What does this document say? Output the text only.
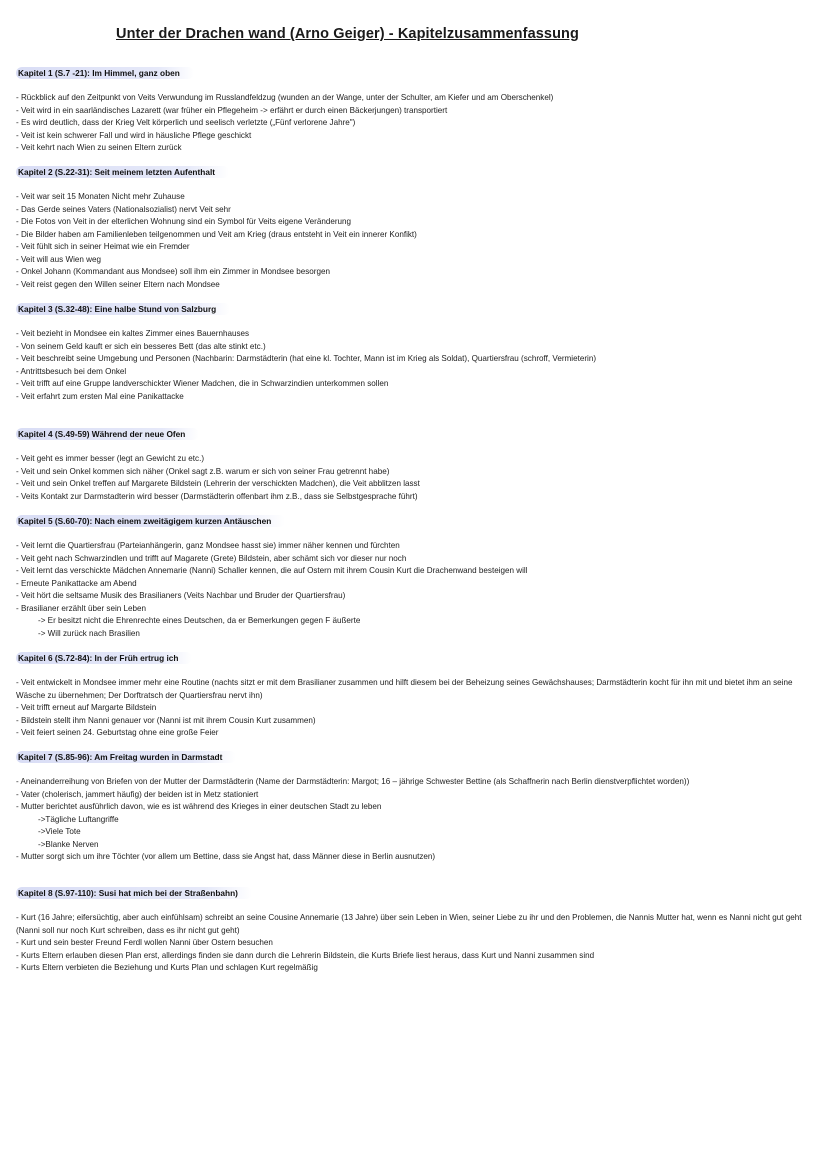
Unter der Drachen wand (Arno Geiger) - Kapitelzusammenfassung
Kapitel 1 (S.7 -21): Im Himmel, ganz oben
- Rückblick auf den Zeitpunkt von Veits Verwundung im Russlandfeldzug (wunden an der Wange, unter der Schulter, am Kiefer und am Oberschenkel)
- Veit wird in ein saarländisches Lazarett (war früher ein Pflegeheim -> erfährt er durch einen Bäckerjungen) transportiert
- Es wird deutlich, dass der Krieg Velt körperlich und seelisch verletzte („Fünf verlorene Jahre")
- Veit ist kein schwerer Fall und wird in häusliche Pflege geschickt
- Veit kehrt nach Wien zu seinen Eltern zurück
Kapitel 2 (S.22-31): Seit meinem letzten Aufenthalt
- Veit war seit 15 Monaten Nicht mehr Zuhause
- Das Gerde seines Vaters (Nationalsozialist) nervt Veit sehr
- Die Fotos von Veit in der elterlichen Wohnung sind ein Symbol für Veits eigene Veränderung
- Die Bilder haben am Familienleben teilgenommen und Veit am Krieg (draus entsteht in Veit ein innerer Konfikt)
- Veit fühlt sich in seiner Heimat wie ein Fremder
- Veit will aus Wien weg
- Onkel Johann (Kommandant aus Mondsee) soll ihm ein Zimmer in Mondsee besorgen
- Veit reist gegen den Willen seiner Eltern nach Mondsee
Kapitel 3 (S.32-48): Eine halbe Stund von Salzburg
- Veit bezieht in Mondsee ein kaltes Zimmer eines Bauernhauses
- Von seinem Geld kauft er sich ein besseres Bett (das alte stinkt etc.)
- Veit beschreibt seine Umgebung und Personen (Nachbarin: Darmstädterin (hat eine kl. Tochter, Mann ist im Krieg als Soldat), Quartiersfrau (schroff, Vermieterin)
- Antrittsbesuch bei dem Onkel
- Veit trifft auf eine Gruppe landverschickter Wiener Madchen, die in Schwarzindien unterkommen sollen
- Veit erfahrt zum ersten Mal eine Panikattacke
Kapitel 4 (S.49-59) Während der neue Ofen
- Veit geht es immer besser (legt an Gewicht zu etc.)
- Veit und sein Onkel kommen sich näher (Onkel sagt z.B. warum er sich von seiner Frau getrennt habe)
- Veit und sein Onkel treffen auf Margarete Bildstein (Lehrerin der verschickten Madchen), die Veit abblitzen lasst
- Veits Kontakt zur Darmstadterin wird besser (Darmstädterin offenbart ihm z.B., dass sie Selbstgesprache führt)
Kapitel 5 (S.60-70): Nach einem zweitägigem kurzen Antäuschen
- Veit lernt die Quartiersfrau (Parteianhängerin, ganz Mondsee hasst sie) immer näher kennen und fürchten
- Veit geht nach Schwarzindlen und trifft auf Magarete (Grete) Bildstein, aber schämt sich vor dieser nur noch
- Veit lernt das verschickte Mädchen Annemarie (Nanni) Schaller kennen, die auf Ostern mit ihrem Cousin Kurt die Drachenwand besteigen will
- Erneute Panikattacke am Abend
- Veit hört die seltsame Musik des Brasilianers (Veits Nachbar und Bruder der Quartiersfrau)
- Brasilianer erzählt über sein Leben
-> Er besitzt nicht die Ehrenrechte eines Deutschen, da er Bemerkungen gegen F äußerte
-> Will zurück nach Brasilien
Kapitel 6 (S.72-84): In der Früh ertrug ich
- Veit entwickelt in Mondsee immer mehr eine Routine (nachts sitzt er mit dem Brasilianer zusammen und hilft diesem bei der Beheizung seines Gewächshauses; Darmstädterin kocht für ihn mit und bietet ihm an seine Wäsche zu übernehmen; Der Dorftratsch der Quartiersfrau nervt ihn)
- Veit trifft erneut auf Margarte Bildstein
- Bildstein stellt ihm Nanni genauer vor (Nanni ist mit ihrem Cousin Kurt zusammen)
- Veit feiert seinen 24. Geburtstag ohne eine große Feier
Kapitel 7 (S.85-96): Am Freitag wurden in Darmstadt
- Aneinanderreihung von Briefen von der Mutter der Darmstädterin (Name der Darmstädterin: Margot; 16 – jährige Schwester Bettine (als Schaffnerin nach Berlin dienstverpflichtet worden))
- Vater (cholerisch, jammert häufig) der beiden ist in Metz stationiert
- Mutter berichtet ausführlich davon, wie es ist während des Krieges in einer deutschen Stadt zu leben
->Tägliche Luftangriffe
->Viele Tote
->Blanke Nerven
- Mutter sorgt sich um ihre Töchter (vor allem um Bettine, dass sie Angst hat, dass Männer diese in Berlin ausnutzen)
Kapitel 8 (S.97-110): Susi hat mich bei der Straßenbahn)
- Kurt (16 Jahre; eifersüchtig, aber auch einfühlsam) schreibt an seine Cousine Annemarie (13 Jahre) über sein Leben in Wien, seiner Liebe zu ihr und den Problemen, die Nannis Mutter hat, wenn es Nanni nicht gut geht (Nanni soll nur noch Kurt schreiben, dass es ihr nicht gut geht)
- Kurt und sein bester Freund Ferdl wollen Nanni über Ostern besuchen
- Kurts Eltern erlauben diesen Plan erst, allerdings finden sie dann durch die Lehrerin Bildstein, die Kurts Briefe liest heraus, dass Kurt und Nanni zusammen sind
- Kurts Eltern verbieten die Beziehung und Kurts Plan und schlagen Kurt regelmäßig
